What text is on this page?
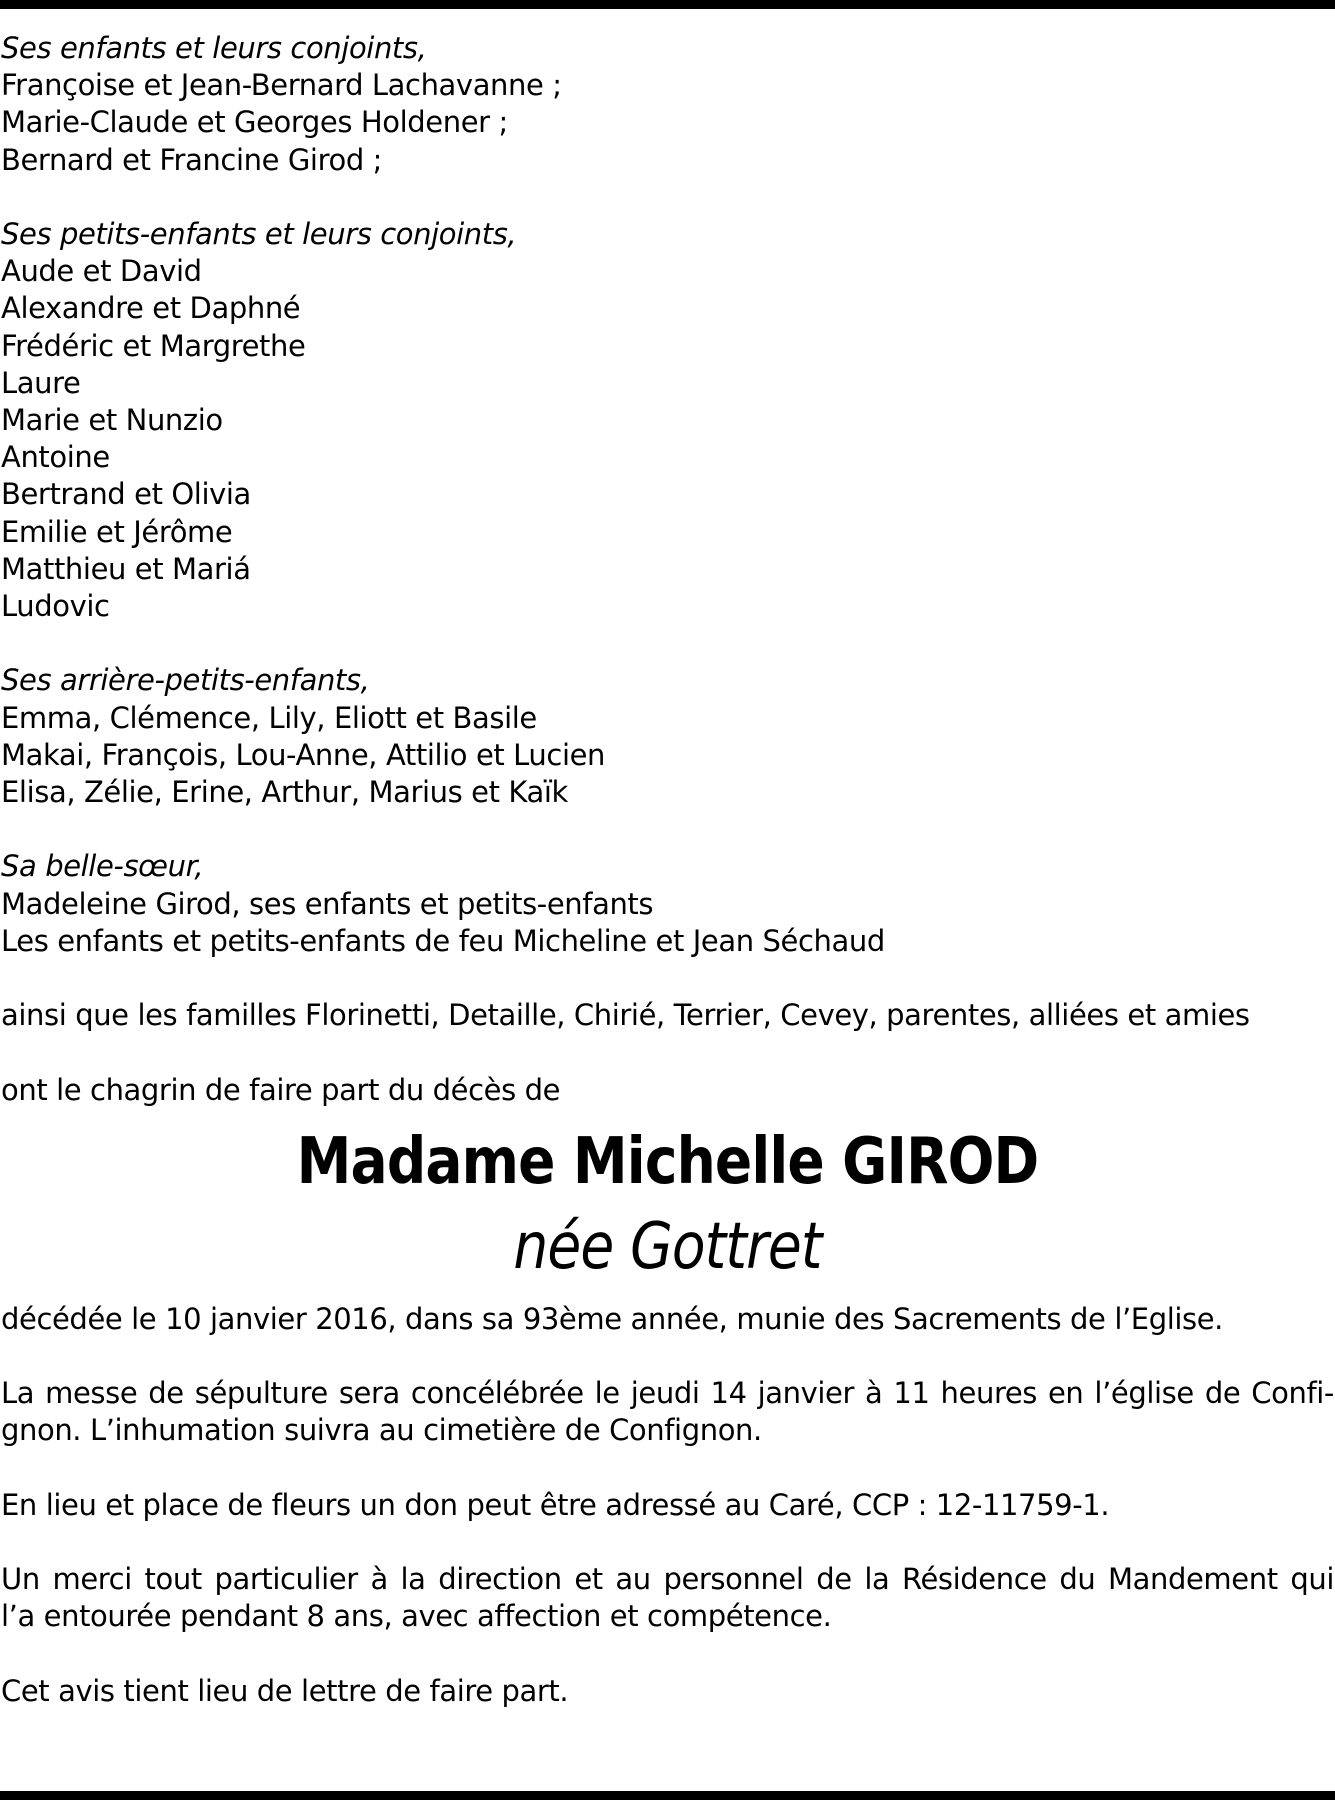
Ses enfants et leurs conjoints,
Françoise et Jean-Bernard Lachavanne ;
Marie-Claude et Georges Holdener ;
Bernard et Francine Girod ;
Ses petits-enfants et leurs conjoints,
Aude et David
Alexandre et Daphné
Frédéric et Margrethe
Laure
Marie et Nunzio
Antoine
Bertrand et Olivia
Emilie et Jérôme
Matthieu et Mariá
Ludovic
Ses arrière-petits-enfants,
Emma, Clémence, Lily, Eliott et Basile
Makai, François, Lou-Anne, Attilio et Lucien
Elisa, Zélie, Erine, Arthur, Marius et Kaïk
Sa belle-sœur,
Madeleine Girod, ses enfants et petits-enfants
Les enfants et petits-enfants de feu Micheline et Jean Séchaud
ainsi que les familles Florinetti, Detaille, Chirié, Terrier, Cevey, parentes, alliées et amies
ont le chagrin de faire part du décès de
Madame Michelle GIROD
née Gottret
décédée le 10 janvier 2016, dans sa 93ème année, munie des Sacrements de l’Eglise.
La messe de sépulture sera concélébrée le jeudi 14 janvier à 11 heures en l’église de Confi-
gnon. L’inhumation suivra au cimetière de Confignon.
En lieu et place de fleurs un don peut être adressé au Caré, CCP : 12-11759-1.
Un merci tout particulier à la direction et au personnel de la Résidence du Mandement qui
l’a entourée pendant 8 ans, avec affection et compétence.
Cet avis tient lieu de lettre de faire part.
